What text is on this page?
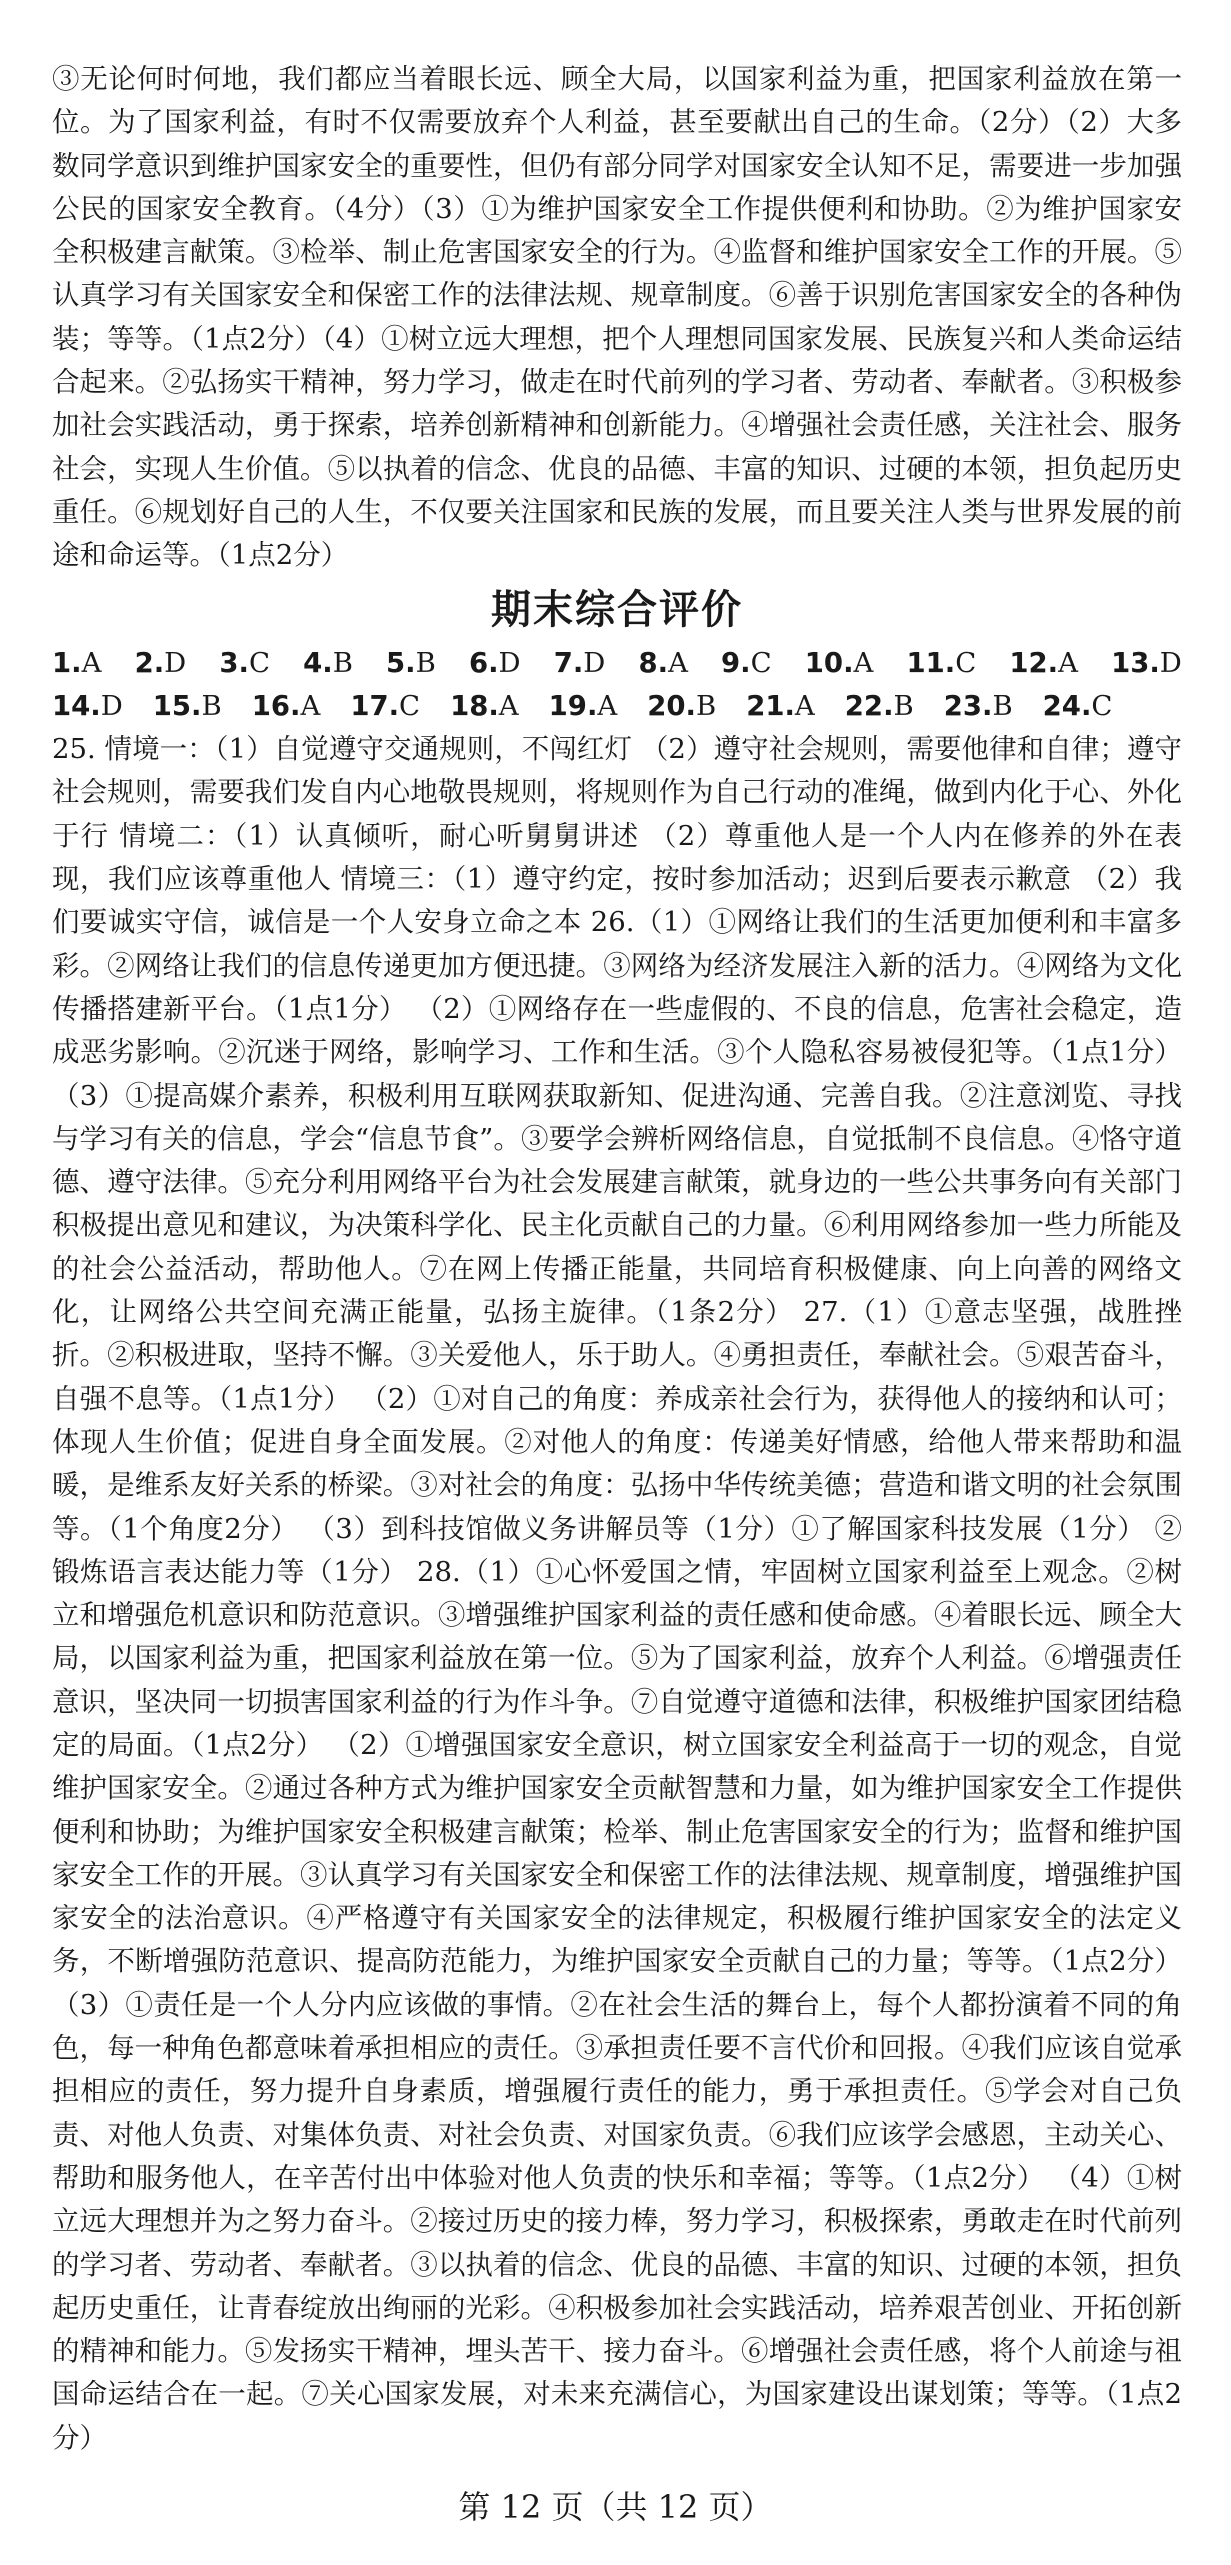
③无论何时何地，我们都应当着眼长远、顾全大局，以国家利益为重，把国家利益放在第一位。为了国家利益，有时不仅需要放弃个人利益，甚至要献出自己的生命。（2分）（2）大多数同学意识到维护国家安全的重要性，但仍有部分同学对国家安全认知不足，需要进一步加强公民的国家安全教育。（4分）（3）①为维护国家安全工作提供便利和协助。②为维护国家安全积极建言献策。③检举、制止危害国家安全的行为。④监督和维护国家安全工作的开展。⑤认真学习有关国家安全和保密工作的法律法规、规章制度。⑥善于识别危害国家安全的各种伪装；等等。（1点2分）（4）①树立远大理想，把个人理想同国家发展、民族复兴和人类命运结合起来。②弘扬实干精神，努力学习，做走在时代前列的学习者、劳动者、奉献者。③积极参加社会实践活动，勇于探索，培养创新精神和创新能力。④增强社会责任感，关注社会、服务社会，实现人生价值。⑤以执着的信念、优良的品德、丰富的知识、过硬的本领，担负起历史重任。⑥规划好自己的人生，不仅要关注国家和民族的发展，而且要关注人类与世界发展的前途和命运等。（1点2分）

期末综合评价
1.A 2.D 3.C 4.B 5.B 6.D 7.D 8.A 9.C 10.A 11.C 12.A 13.D
14.D 15.B 16.A 17.C 18.A 19.A 20.B 21.A 22.B 23.B 24.C

25. 情境一：（1）自觉遵守交通规则，不闯红灯 （2）遵守社会规则，需要他律和自律；遵守社会规则，需要我们发自内心地敬畏规则，将规则作为自己行动的准绳，做到内化于心、外化于行 情境二：（1）认真倾听，耐心听舅舅讲述 （2）尊重他人是一个人内在修养的外在表现，我们应该尊重他人 情境三：（1）遵守约定，按时参加活动；迟到后要表示歉意 （2）我们要诚实守信，诚信是一个人安身立命之本 26.（1）①网络让我们的生活更加便利和丰富多彩。②网络让我们的信息传递更加方便迅捷。③网络为经济发展注入新的活力。④网络为文化传播搭建新平台。（1点1分） （2）①网络存在一些虚假的、不良的信息，危害社会稳定，造成恶劣影响。②沉迷于网络，影响学习、工作和生活。③个人隐私容易被侵犯等。（1点1分） （3）①提高媒介素养，积极利用互联网获取新知、促进沟通、完善自我。②注意浏览、寻找与学习有关的信息，学会“信息节食”。③要学会辨析网络信息，自觉抵制不良信息。④恪守道德、遵守法律。⑤充分利用网络平台为社会发展建言献策，就身边的一些公共事务向有关部门积极提出意见和建议，为决策科学化、民主化贡献自己的力量。⑥利用网络参加一些力所能及的社会公益活动，帮助他人。⑦在网上传播正能量，共同培育积极健康、向上向善的网络文化，让网络公共空间充满正能量，弘扬主旋律。（1条2分） 27.（1）①意志坚强，战胜挫折。②积极进取，坚持不懈。③关爱他人，乐于助人。④勇担责任，奉献社会。⑤艰苦奋斗，自强不息等。（1点1分） （2）①对自己的角度：养成亲社会行为，获得他人的接纳和认可；体现人生价值；促进自身全面发展。②对他人的角度：传递美好情感，给他人带来帮助和温暖，是维系友好关系的桥梁。③对社会的角度：弘扬中华传统美德；营造和谐文明的社会氛围等。（1个角度2分） （3）到科技馆做义务讲解员等（1分）①了解国家科技发展（1分） ②锻炼语言表达能力等（1分） 28.（1）①心怀爱国之情，牢固树立国家利益至上观念。②树立和增强危机意识和防范意识。③增强维护国家利益的责任感和使命感。④着眼长远、顾全大局，以国家利益为重，把国家利益放在第一位。⑤为了国家利益，放弃个人利益。⑥增强责任意识，坚决同一切损害国家利益的行为作斗争。⑦自觉遵守道德和法律，积极维护国家团结稳定的局面。（1点2分） （2）①增强国家安全意识，树立国家安全利益高于一切的观念，自觉维护国家安全。②通过各种方式为维护国家安全贡献智慧和力量，如为维护国家安全工作提供便利和协助；为维护国家安全积极建言献策；检举、制止危害国家安全的行为；监督和维护国家安全工作的开展。③认真学习有关国家安全和保密工作的法律法规、规章制度，增强维护国家安全的法治意识。④严格遵守有关国家安全的法律规定，积极履行维护国家安全的法定义务，不断增强防范意识、提高防范能力，为维护国家安全贡献自己的力量；等等。（1点2分） （3）①责任是一个人分内应该做的事情。②在社会生活的舞台上，每个人都扮演着不同的角色，每一种角色都意味着承担相应的责任。③承担责任要不言代价和回报。④我们应该自觉承担相应的责任，努力提升自身素质，增强履行责任的能力，勇于承担责任。⑤学会对自己负责、对他人负责、对集体负责、对社会负责、对国家负责。⑥我们应该学会感恩，主动关心、帮助和服务他人，在辛苦付出中体验对他人负责的快乐和幸福；等等。（1点2分） （4）①树立远大理想并为之努力奋斗。②接过历史的接力棒，努力学习，积极探索，勇敢走在时代前列的学习者、劳动者、奉献者。③以执着的信念、优良的品德、丰富的知识、过硬的本领，担负起历史重任，让青春绽放出绚丽的光彩。④积极参加社会实践活动，培养艰苦创业、开拓创新的精神和能力。⑤发扬实干精神，埋头苦干、接力奋斗。⑥增强社会责任感，将个人前途与祖国命运结合在一起。⑦关心国家发展，对未来充满信心，为国家建设出谋划策；等等。（1点2分）

第 12 页（共 12 页）
